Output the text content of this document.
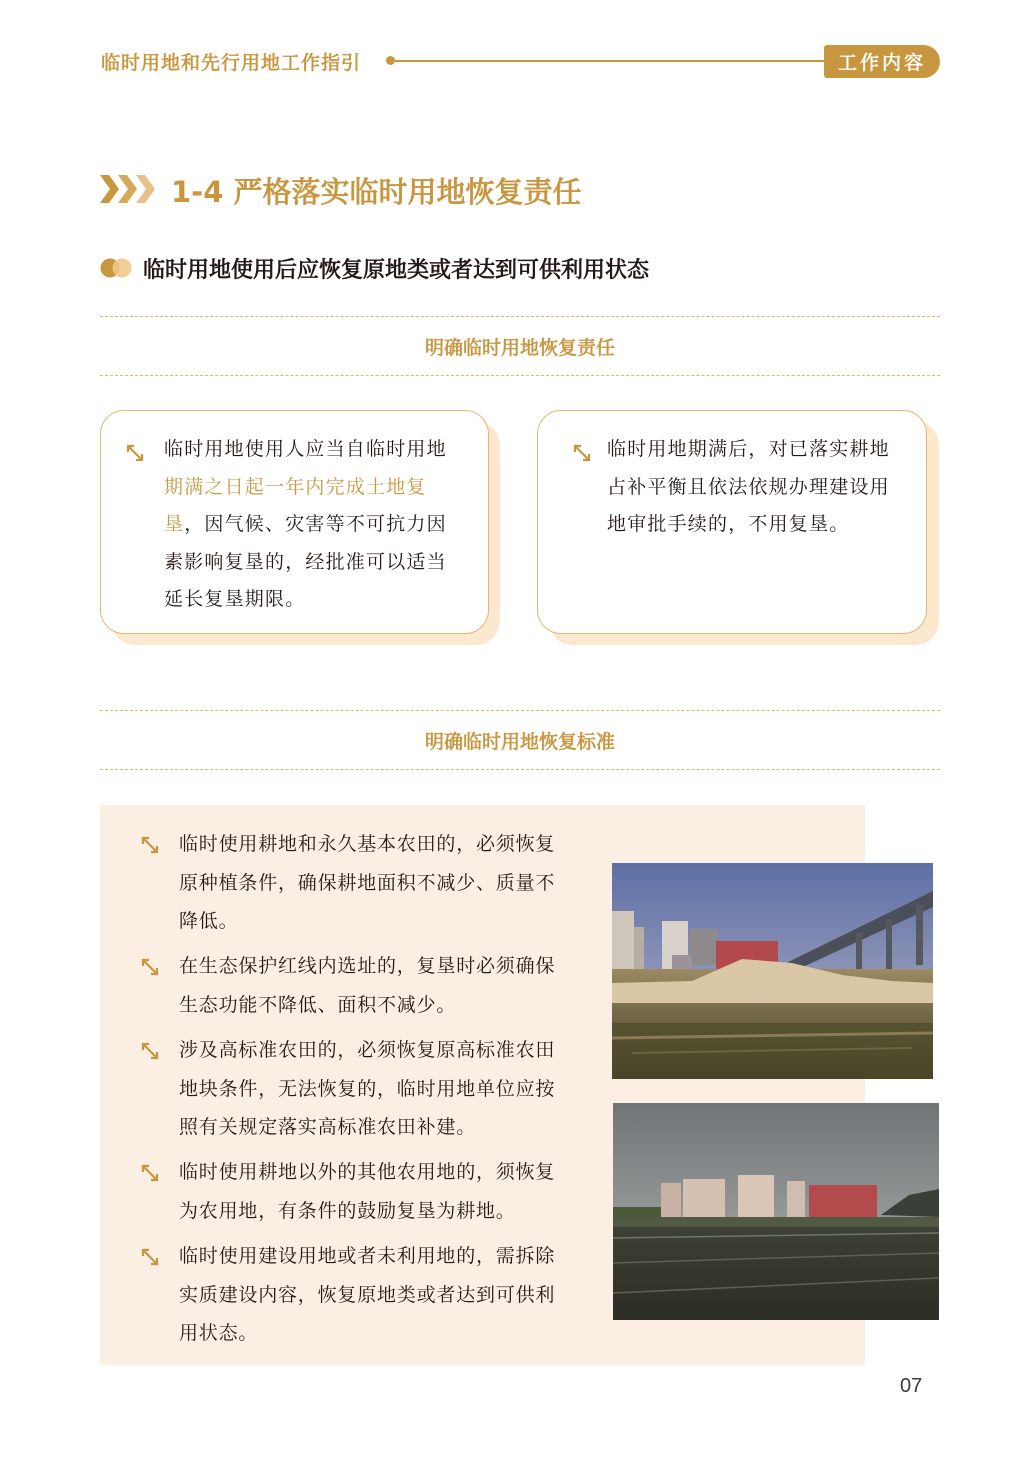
临时用地和先行用地工作指引	工作内容
1-4 严格落实临时用地恢复责任
临时用地使用后应恢复原地类或者达到可供利用状态
明确临时用地恢复责任
临时用地使用人应当自临时用地期满之日起一年内完成土地复垦，因气候、灾害等不可抗力因素影响复垦的，经批准可以适当延长复垦期限。
临时用地期满后，对已落实耕地占补平衡且依法依规办理建设用地审批手续的，不用复垦。
明确临时用地恢复标准
临时使用耕地和永久基本农田的，必须恢复原种植条件，确保耕地面积不减少、质量不降低。
在生态保护红线内选址的，复垦时必须确保生态功能不降低、面积不减少。
涉及高标准农田的，必须恢复原高标准农田地块条件，无法恢复的，临时用地单位应按照有关规定落实高标准农田补建。
临时使用耕地以外的其他农用地的，须恢复为农用地，有条件的鼓励复垦为耕地。
临时使用建设用地或者未利用地的，需拆除实质建设内容，恢复原地类或者达到可供利用状态。
07
